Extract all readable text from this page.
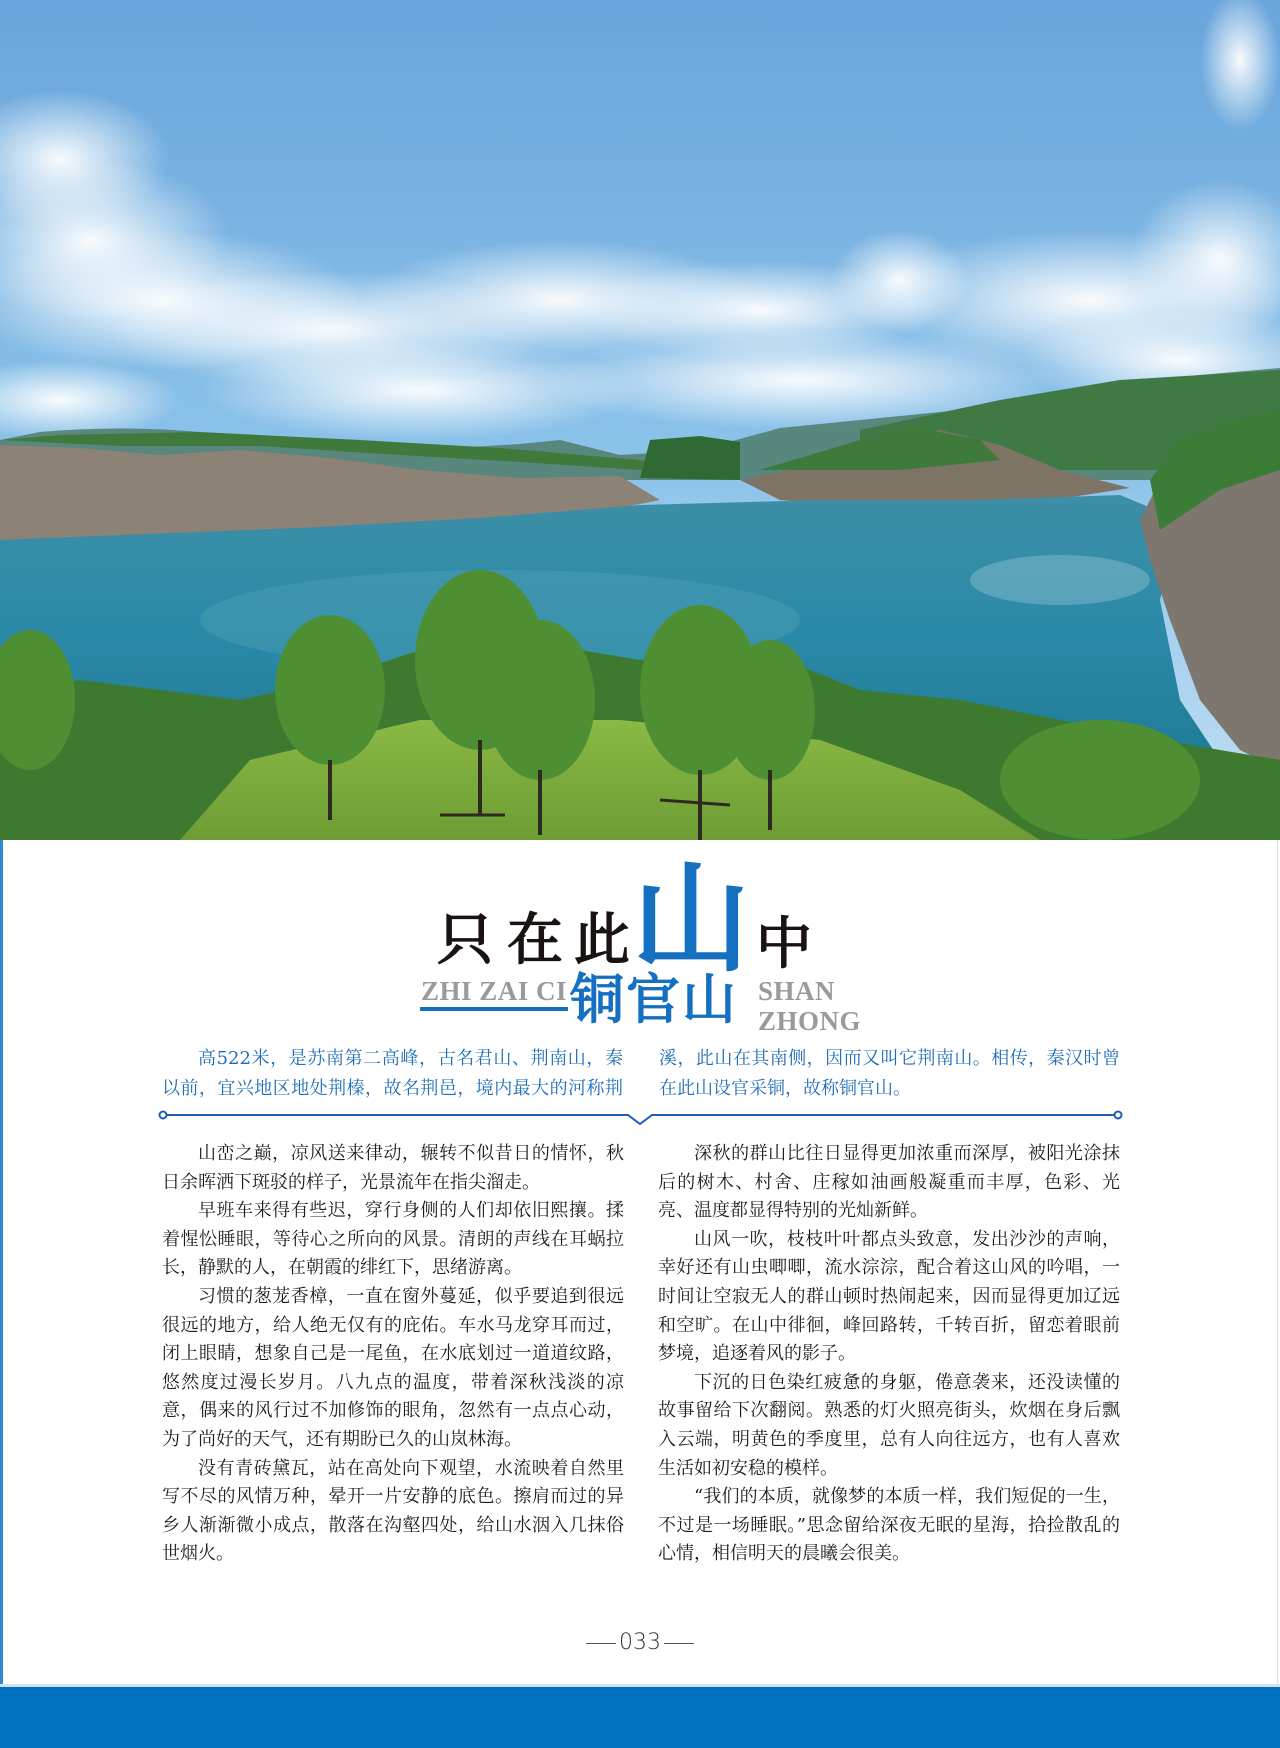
只 在 此 山 中
ZHI ZAI CI 铜官山 SHAN
ZHONG

高522米，是苏南第二高峰，古名君山、荆南山，秦以前，宜兴地区地处荆榛，故名荆邑，境内最大的河称荆溪，此山在其南侧，因而又叫它荆南山。相传，秦汉时曾在此山设官采铜，故称铜官山。

山峦之巅，凉风送来律动，辗转不似昔日的情怀，秋日余晖洒下斑驳的样子，光景流年在指尖溜走。

早班车来得有些迟，穿行身侧的人们却依旧熙攘。揉着惺忪睡眼，等待心之所向的风景。清朗的声线在耳蜗拉长，静默的人，在朝霞的绯红下，思绪游离。

习惯的葱茏香樟，一直在窗外蔓延，似乎要追到很远很远的地方，给人绝无仅有的庇佑。车水马龙穿耳而过，闭上眼睛，想象自己是一尾鱼，在水底划过一道道纹路，悠然度过漫长岁月。八九点的温度，带着深秋浅淡的凉意，偶来的风行过不加修饰的眼角，忽然有一点点心动，为了尚好的天气，还有期盼已久的山岚林海。

没有青砖黛瓦，站在高处向下观望，水流映着自然里写不尽的风情万种，晕开一片安静的底色。擦肩而过的异乡人渐渐微小成点，散落在沟壑四处，给山水洇入几抹俗世烟火。

深秋的群山比往日显得更加浓重而深厚，被阳光涂抹后的树木、村舍、庄稼如油画般凝重而丰厚，色彩、光亮、温度都显得特别的光灿新鲜。

山风一吹，枝枝叶叶都点头致意，发出沙沙的声响，幸好还有山虫唧唧，流水淙淙，配合着这山风的吟唱，一时间让空寂无人的群山顿时热闹起来，因而显得更加辽远和空旷。在山中徘徊，峰回路转，千转百折，留恋着眼前梦境，追逐着风的影子。

下沉的日色染红疲惫的身躯，倦意袭来，还没读懂的故事留给下次翻阅。熟悉的灯火照亮街头，炊烟在身后飘入云端，明黄色的季度里，总有人向往远方，也有人喜欢生活如初安稳的模样。

“我们的本质，就像梦的本质一样，我们短促的一生，不过是一场睡眠。”思念留给深夜无眠的星海，拾捡散乱的心情，相信明天的晨曦会很美。

033
